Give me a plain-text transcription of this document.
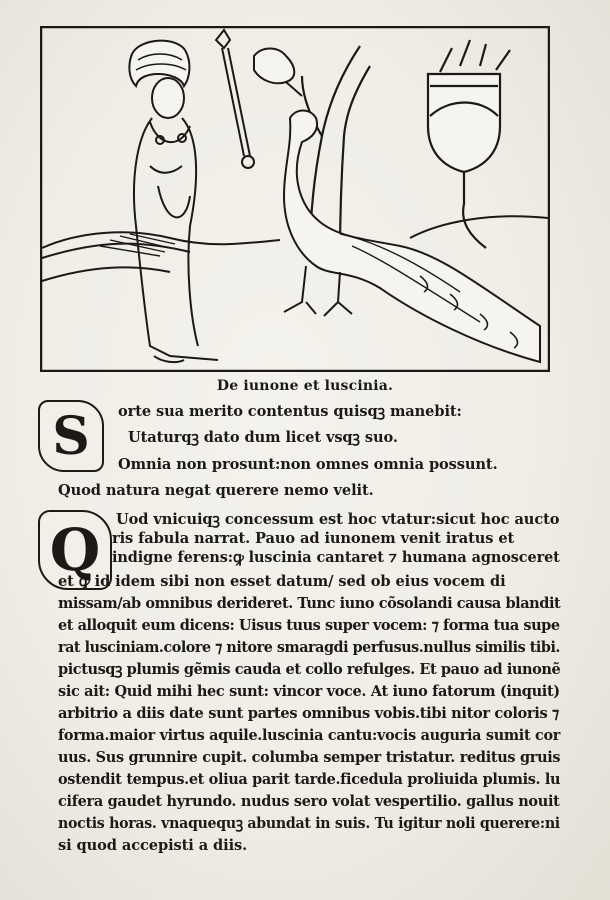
De iunone et luscinia.
S	orte sua merito contentus quisqꝫ manebit:
Utaturqꝫ dato dum licet vsqꝫ suo.
Omnia non prosunt:non omnes omnia possunt.
Quod natura negat querere nemo velit.
Q	Uod vnicuiqꝫ concessum est hoc vtatur:sicut hoc aucto
ris fabula narrat. Pauo ad iunonem venit iratus et
indigne ferens:ꝙ luscinia cantaret ⁊ humana agnosceret
et ꝙ id idem sibi non esset datum/ sed ob eius vocem di
missam/ab omnibus derideret. Tunc iuno cõsolandi causa blandit
et alloquit eum dicens: Uisus tuus super vocem: ⁊ forma tua supe
rat lusciniam.colore ⁊ nitore smaragdi perfusus.nullus similis tibi.
pictusqꝫ plumis gẽmis cauda et collo refulges. Et pauo ad iunonẽ
sic ait: Quid mihi hec sunt: vincor voce. At iuno fatorum (inquit)
arbitrio a diis date sunt partes omnibus vobis.tibi nitor coloris ⁊
forma.maior virtus aquile.luscinia cantu:vocis auguria sumit cor
uus. Sus grunnire cupit. columba semper tristatur. reditus gruis
ostendit tempus.et oliua parit tarde.ficedula proliuida plumis. lu
cifera gaudet hyrundo. nudus sero volat vespertilio. gallus nouit
noctis horas. vnaquequꝫ abundat in suis. Tu igitur noli querere:ni
si quod accepisti a diis.
